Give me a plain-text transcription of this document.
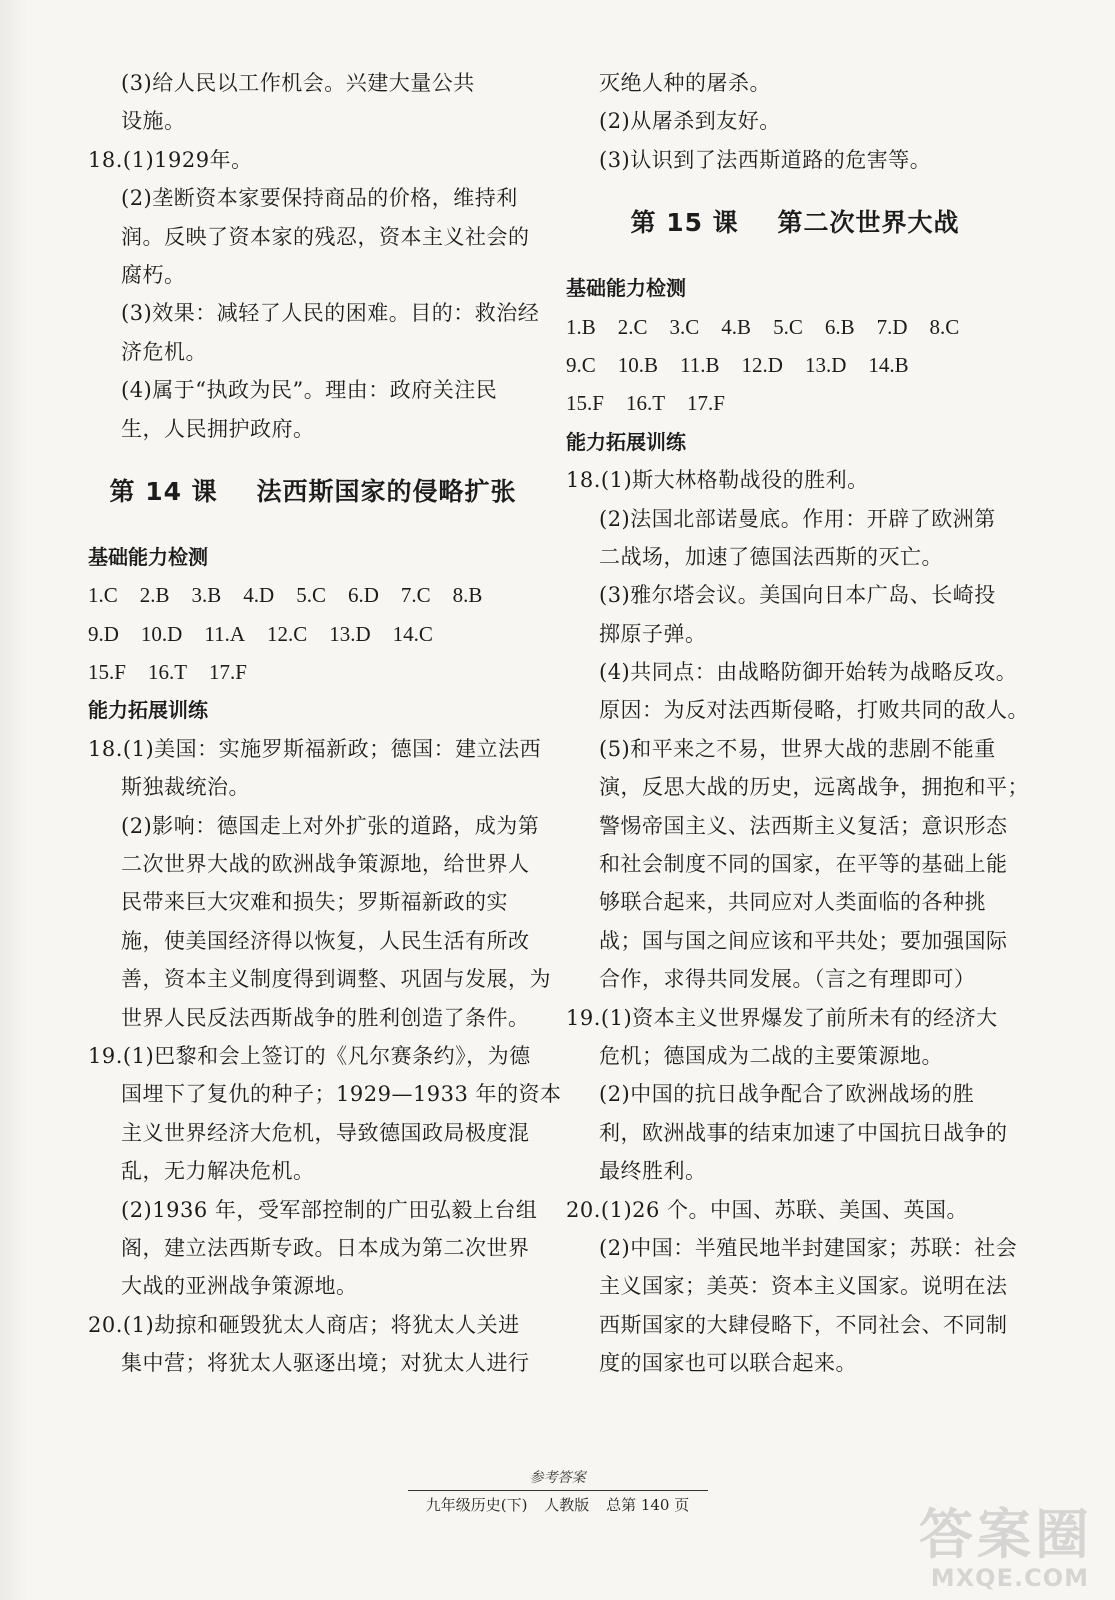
(3)给人民以工作机会。兴建大量公共
设施。
18.(1)1929年。
(2)垄断资本家要保持商品的价格，维持利
润。反映了资本家的残忍，资本主义社会的
腐朽。
(3)效果：减轻了人民的困难。目的：救治经
济危机。
(4)属于“执政为民”。理由：政府关注民
生，人民拥护政府。
第 14 课    法西斯国家的侵略扩张
基础能力检测
1.C 2.B 3.B 4.D 5.C 6.D 7.C 8.B
9.D 10.D 11.A 12.C 13.D 14.C
15.F 16.T 17.F
能力拓展训练
18.(1)美国：实施罗斯福新政；德国：建立法西
斯独裁统治。
(2)影响：德国走上对外扩张的道路，成为第
二次世界大战的欧洲战争策源地，给世界人
民带来巨大灾难和损失；罗斯福新政的实
施，使美国经济得以恢复，人民生活有所改
善，资本主义制度得到调整、巩固与发展，为
世界人民反法西斯战争的胜利创造了条件。
19.(1)巴黎和会上签订的《凡尔赛条约》，为德
国埋下了复仇的种子；1929—1933 年的资本
主义世界经济大危机，导致德国政局极度混
乱，无力解决危机。
(2)1936 年，受军部控制的广田弘毅上台组
阁，建立法西斯专政。日本成为第二次世界
大战的亚洲战争策源地。
20.(1)劫掠和砸毁犹太人商店；将犹太人关进
集中营；将犹太人驱逐出境；对犹太人进行
灭绝人种的屠杀。
(2)从屠杀到友好。
(3)认识到了法西斯道路的危害等。
第 15 课    第二次世界大战
基础能力检测
1.B 2.C 3.C 4.B 5.C 6.B 7.D 8.C
9.C 10.B 11.B 12.D 13.D 14.B
15.F 16.T 17.F
能力拓展训练
18.(1)斯大林格勒战役的胜利。
(2)法国北部诺曼底。作用：开辟了欧洲第
二战场，加速了德国法西斯的灭亡。
(3)雅尔塔会议。美国向日本广岛、长崎投
掷原子弹。
(4)共同点：由战略防御开始转为战略反攻。
原因：为反对法西斯侵略，打败共同的敌人。
(5)和平来之不易，世界大战的悲剧不能重
演，反思大战的历史，远离战争，拥抱和平；
警惕帝国主义、法西斯主义复活；意识形态
和社会制度不同的国家，在平等的基础上能
够联合起来，共同应对人类面临的各种挑
战；国与国之间应该和平共处；要加强国际
合作，求得共同发展。（言之有理即可）
19.(1)资本主义世界爆发了前所未有的经济大
危机；德国成为二战的主要策源地。
(2)中国的抗日战争配合了欧洲战场的胜
利，欧洲战事的结束加速了中国抗日战争的
最终胜利。
20.(1)26 个。中国、苏联、美国、英国。
(2)中国：半殖民地半封建国家；苏联：社会
主义国家；美英：资本主义国家。说明在法
西斯国家的大肆侵略下，不同社会、不同制
度的国家也可以联合起来。
参考答案
九年级历史(下) 人教版 总第 140 页	答案圈
MXQE.COM
